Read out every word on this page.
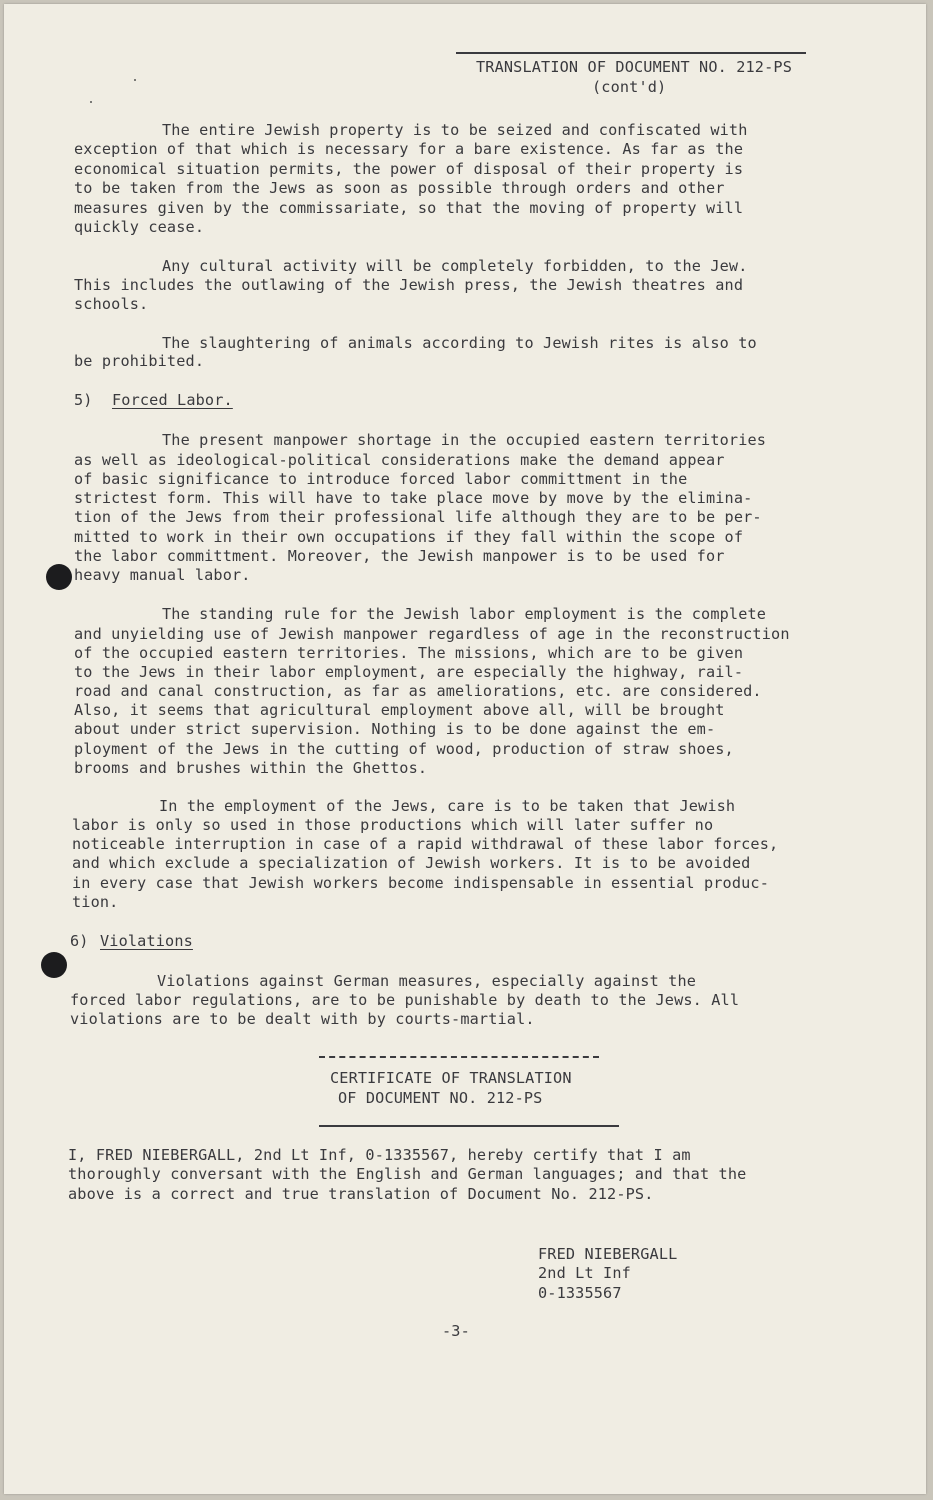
TRANSLATION OF DOCUMENT NO. 212-PS
(cont'd)
The entire Jewish property is to be seized and confiscated with
exception of that which is necessary for a bare existence. As far as the
economical situation permits, the power of disposal of their property is
to be taken from the Jews as soon as possible through orders and other
measures given by the commissariate, so that the moving of property will
quickly cease.
Any cultural activity will be completely forbidden, to the Jew.
This includes the outlawing of the Jewish press, the Jewish theatres and
schools.
The slaughtering of animals according to Jewish rites is also to
be prohibited.
5) Forced Labor.
The present manpower shortage in the occupied eastern territories
as well as ideological-political considerations make the demand appear
of basic significance to introduce forced labor committment in the
strictest form. This will have to take place move by move by the elimina-
tion of the Jews from their professional life although they are to be per-
mitted to work in their own occupations if they fall within the scope of
the labor committment. Moreover, the Jewish manpower is to be used for
heavy manual labor.
The standing rule for the Jewish labor employment is the complete
and unyielding use of Jewish manpower regardless of age in the reconstruction
of the occupied eastern territories. The missions, which are to be given
to the Jews in their labor employment, are especially the highway, rail-
road and canal construction, as far as ameliorations, etc. are considered.
Also, it seems that agricultural employment above all, will be brought
about under strict supervision. Nothing is to be done against the em-
ployment of the Jews in the cutting of wood, production of straw shoes,
brooms and brushes within the Ghettos.
In the employment of the Jews, care is to be taken that Jewish
labor is only so used in those productions which will later suffer no
noticeable interruption in case of a rapid withdrawal of these labor forces,
and which exclude a specialization of Jewish workers. It is to be avoided
in every case that Jewish workers become indispensable in essential produc-
tion.
6) Violations
Violations against German measures, especially against the
forced labor regulations, are to be punishable by death to the Jews. All
violations are to be dealt with by courts-martial.
CERTIFICATE OF TRANSLATION
OF DOCUMENT NO. 212-PS
I, FRED NIEBERGALL, 2nd Lt Inf, 0-1335567, hereby certify that I am
thoroughly conversant with the English and German languages; and that the
above is a correct and true translation of Document No. 212-PS.
FRED NIEBERGALL
2nd Lt Inf
0-1335567
-3-
